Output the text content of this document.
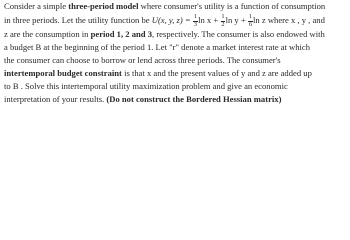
Consider a simple three-period model where consumer's utility is a function of consumption
in three periods. Let the utility function be U(x, y, $z) = \frac{1}{3}$ $\ln x + \frac{1}{2}$ $\ln y + \frac{1}{6}$ ln z where x , y , and
z are the consumption in period 1, 2 and 3, respectively. The consumer is also endowed with
a budget B at the beginning of the period 1. Let "r" denote a market interest rate at which
the consumer can choose to borrow or lend across three periods. The consumer's
intertemporal budget constraint is that x and the present values of y and z are added up
to B . Solve this intertemporal utility maximization problem and give an economic
interpretation of your results. (Do not construct the Bordered Hessian matrix)
